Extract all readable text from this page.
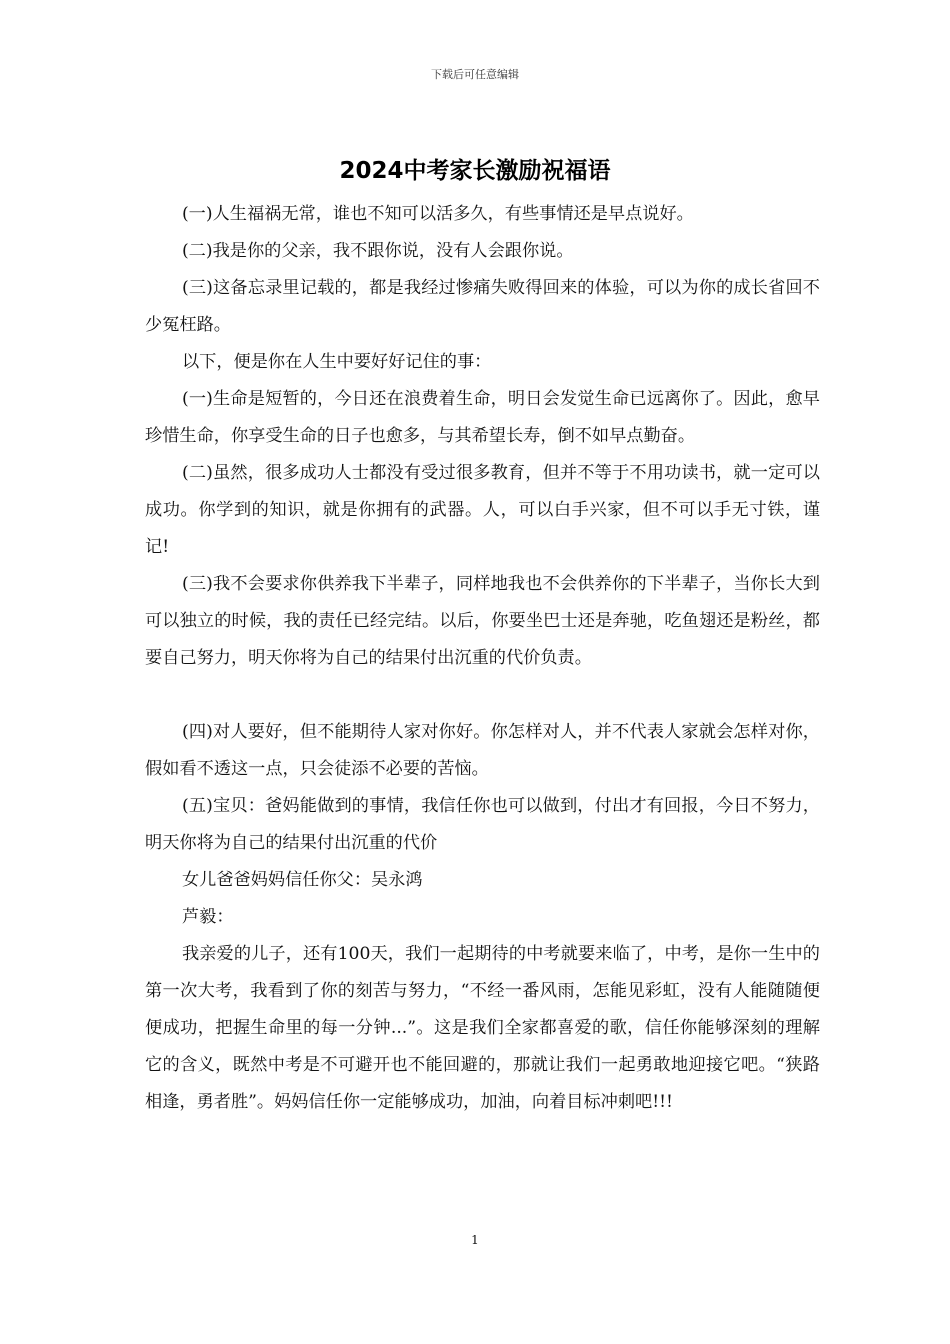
下载后可任意编辑
2024中考家长激励祝福语

(一)人生福祸无常，谁也不知可以活多久，有些事情还是早点说好。

(二)我是你的父亲，我不跟你说，没有人会跟你说。

(三)这备忘录里记载的，都是我经过惨痛失败得回来的体验，可以为你的成长省回不少冤枉路。

以下，便是你在人生中要好好记住的事：

(一)生命是短暂的，今日还在浪费着生命，明日会发觉生命已远离你了。因此，愈早珍惜生命，你享受生命的日子也愈多，与其希望长寿，倒不如早点勤奋。

(二)虽然，很多成功人士都没有受过很多教育，但并不等于不用功读书，就一定可以成功。你学到的知识，就是你拥有的武器。人，可以白手兴家，但不可以手无寸铁，谨记!

(三)我不会要求你供养我下半辈子，同样地我也不会供养你的下半辈子，当你长大到可以独立的时候，我的责任已经完结。以后，你要坐巴士还是奔驰，吃鱼翅还是粉丝，都要自己努力，明天你将为自己的结果付出沉重的代价负责。

(四)对人要好，但不能期待人家对你好。你怎样对人，并不代表人家就会怎样对你，假如看不透这一点，只会徒添不必要的苦恼。

(五)宝贝：爸妈能做到的事情，我信任你也可以做到，付出才有回报，今日不努力，明天你将为自己的结果付出沉重的代价

女儿爸爸妈妈信任你父：吴永鸿

芦毅：

我亲爱的儿子，还有100天，我们一起期待的中考就要来临了，中考，是你一生中的第一次大考，我看到了你的刻苦与努力，“不经一番风雨，怎能见彩虹，没有人能随随便便成功，把握生命里的每一分钟...”。这是我们全家都喜爱的歌，信任你能够深刻的理解它的含义，既然中考是不可避开也不能回避的，那就让我们一起勇敢地迎接它吧。“狭路相逢，勇者胜”。妈妈信任你一定能够成功，加油，向着目标冲刺吧!!!

1
